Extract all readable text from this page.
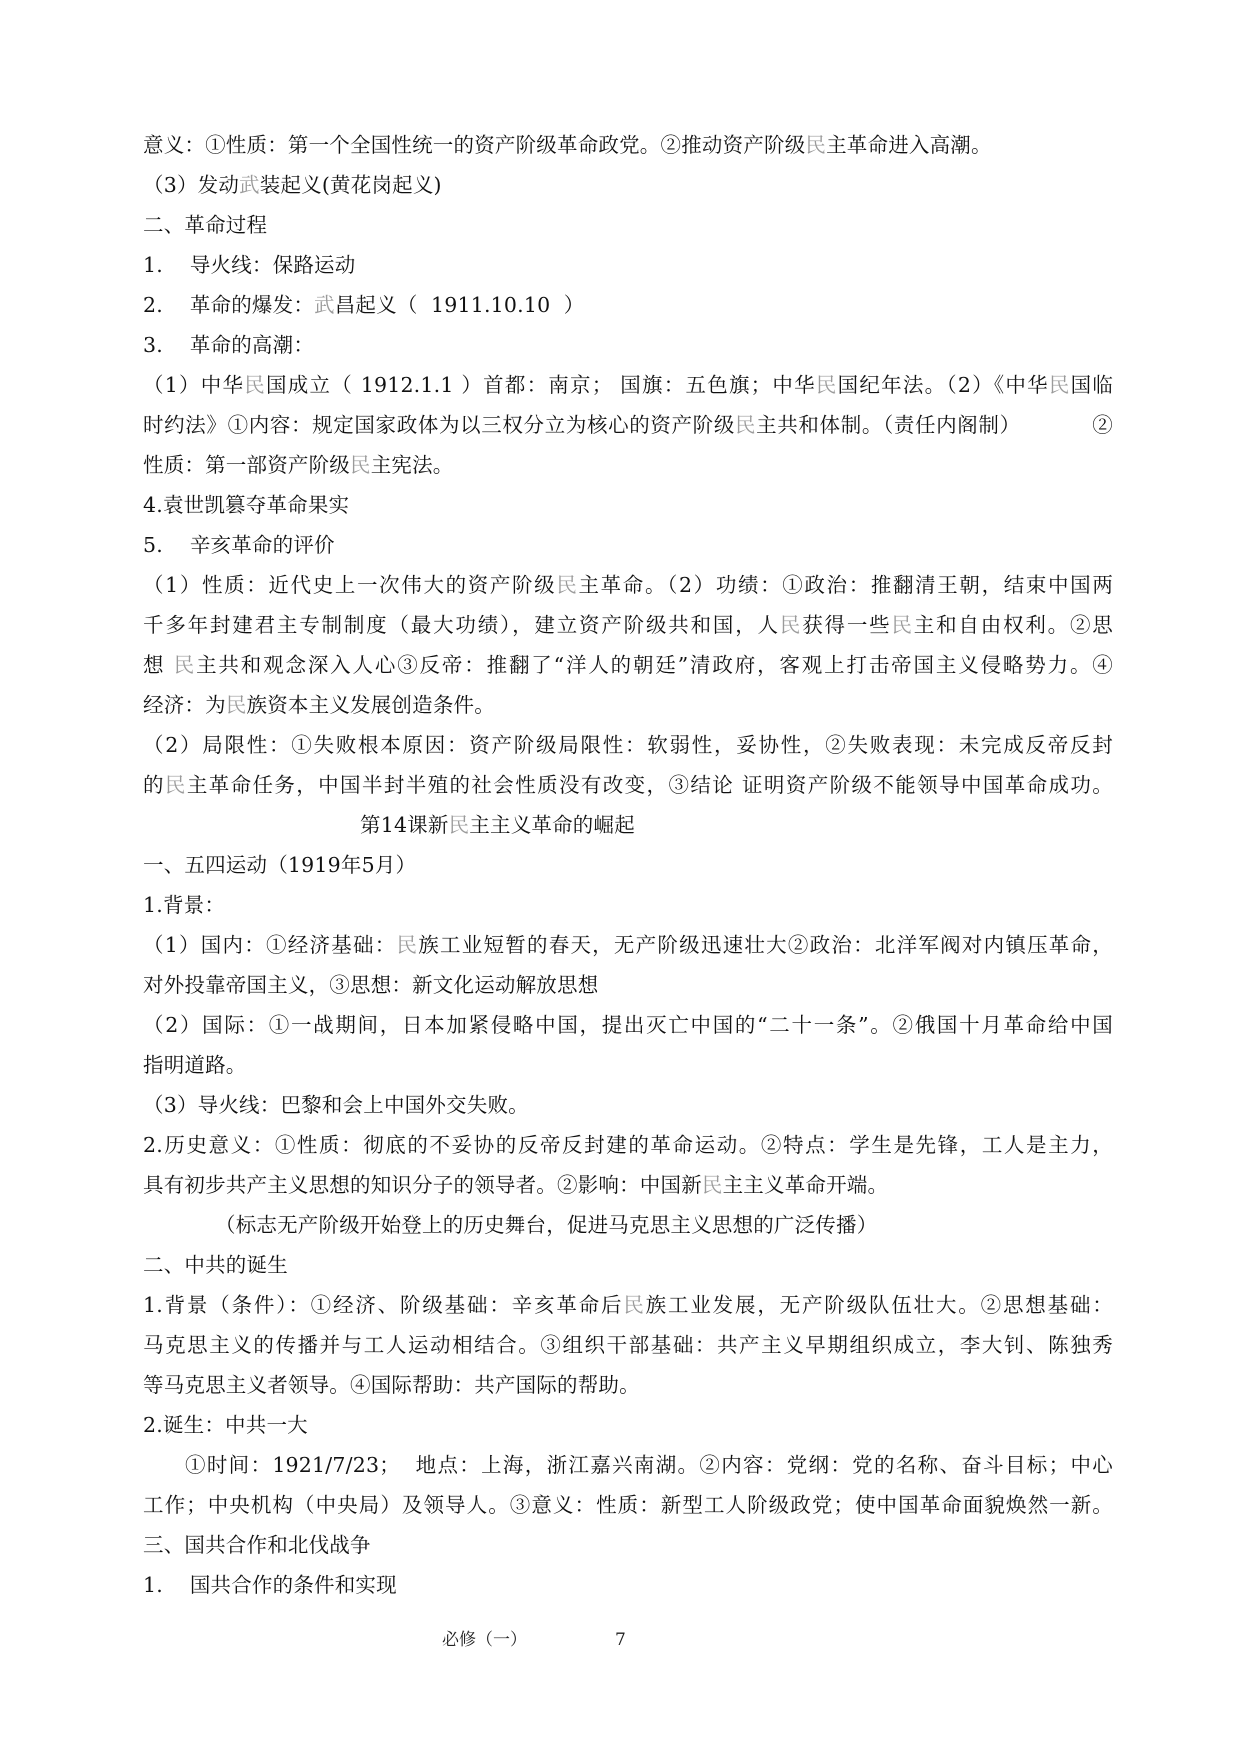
意义：①性质：第一个全国性统一的资产阶级革命政党。②推动资产阶级民主革命进入高潮。
（3）发动武装起义(黄花岗起义)
二、革命过程
1.    导火线：保路运动
2.    革命的爆发：武昌起义（  1911.10.10  ）
3.    革命的高潮：
（1）中华民国成立（ 1912.1.1 ）首都：南京； 国旗：五色旗；中华民国纪年法。（2）《中华民国临
时约法》①内容：规定国家政体为以三权分立为核心的资产阶级民主共和体制。（责任内阁制）          ②
性质：第一部资产阶级民主宪法。
4.袁世凯篡夺革命果实
5.    辛亥革命的评价
（1）性质：近代史上一次伟大的资产阶级民主革命。（2）功绩：①政治：推翻清王朝，结束中国两
千多年封建君主专制制度（最大功绩），建立资产阶级共和国，人民获得一些民主和自由权利。②思
想 民主共和观念深入人心③反帝：推翻了“洋人的朝廷”清政府，客观上打击帝国主义侵略势力。④
经济：为民族资本主义发展创造条件。
（2）局限性：①失败根本原因：资产阶级局限性：软弱性，妥协性，②失败表现：未完成反帝反封
的民主革命任务，中国半封半殖的社会性质没有改变，③结论 证明资产阶级不能领导中国革命成功。
第14课新民主主义革命的崛起
一、五四运动（1919年5月）
1.背景：
（1）国内：①经济基础：民族工业短暂的春天，无产阶级迅速壮大②政治：北洋军阀对内镇压革命，
对外投靠帝国主义，③思想：新文化运动解放思想
（2）国际：①一战期间，日本加紧侵略中国，提出灭亡中国的“二十一条”。②俄国十月革命给中国
指明道路。
（3）导火线：巴黎和会上中国外交失败。
2.历史意义：①性质：彻底的不妥协的反帝反封建的革命运动。②特点：学生是先锋，工人是主力，
具有初步共产主义思想的知识分子的领导者。②影响：中国新民主主义革命开端。
（标志无产阶级开始登上的历史舞台，促进马克思主义思想的广泛传播）
二、中共的诞生
1.背景（条件）：①经济、阶级基础：辛亥革命后民族工业发展，无产阶级队伍壮大。②思想基础：
马克思主义的传播并与工人运动相结合。③组织干部基础：共产主义早期组织成立，李大钊、陈独秀
等马克思主义者领导。④国际帮助：共产国际的帮助。
2.诞生：中共一大
①时间：1921/7/23；  地点：上海，浙江嘉兴南湖。②内容：党纲：党的名称、奋斗目标；中心
工作；中央机构（中央局）及领导人。③意义：性质：新型工人阶级政党；使中国革命面貌焕然一新。
三、国共合作和北伐战争
1.    国共合作的条件和实现
必修（一）	7
